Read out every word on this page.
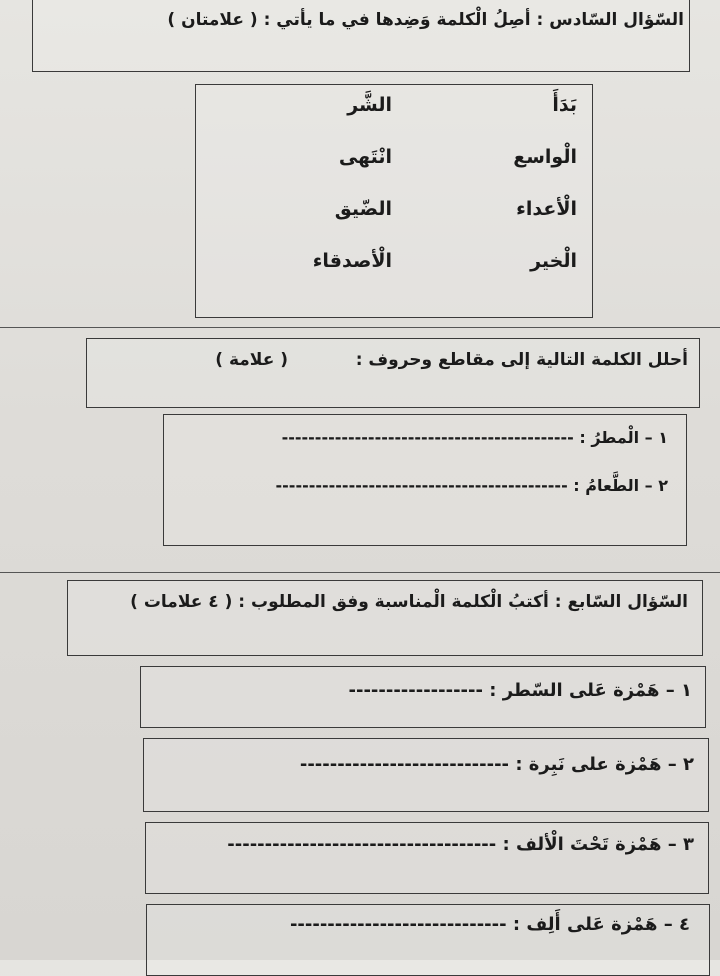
السّؤال السّادس : أصِلُ الْكلمة وَضِدها في ما يأتي : ( علامتان )
بَدَأَ
الْواسع
الْأعداء
الْخير
الشَّر
انْتَهى
الضّيق
الْأصدقاء
أحلل الكلمة التالية إلى مقاطع وحروف :
( علامة )
١ – الْمطرُ : --------------------------------------------
٢ – الطَّعامُ : --------------------------------------------
السّؤال السّابع : أكتبُ الْكلمة الْمناسبة وفق المطلوب : ( ٤ علامات )
١ – هَمْزة عَلى السّطر : ------------------
٢ – هَمْزة على نَبِرة : ----------------------------
٣ – هَمْزة تَحْتَ الْألف : ------------------------------------
٤ – هَمْزة عَلى أَلِف : -----------------------------
